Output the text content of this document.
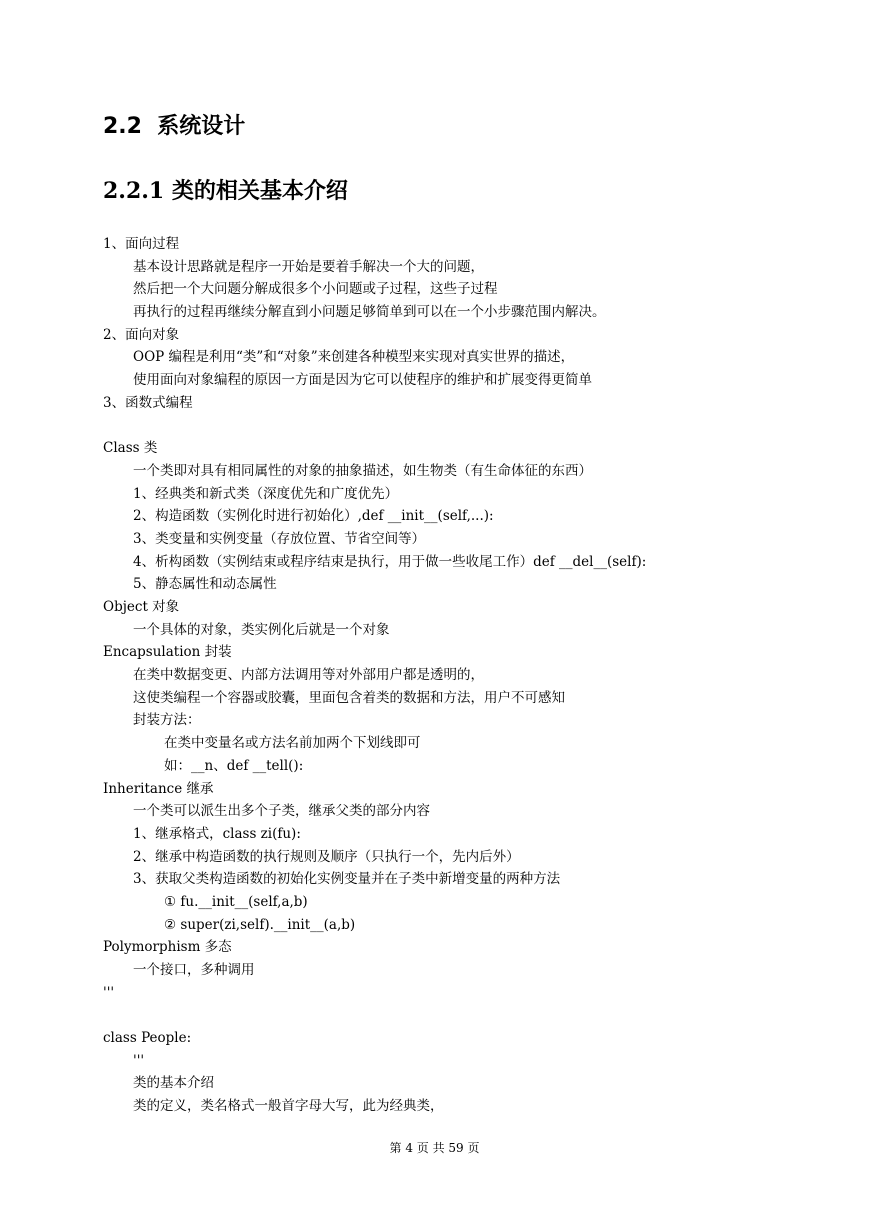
2.2  系统设计
2.2.1 类的相关基本介绍
1、面向过程
基本设计思路就是程序一开始是要着手解决一个大的问题，
然后把一个大问题分解成很多个小问题或子过程，这些子过程
再执行的过程再继续分解直到小问题足够简单到可以在一个小步骤范围内解决。
2、面向对象
OOP 编程是利用“类”和“对象”来创建各种模型来实现对真实世界的描述，
使用面向对象编程的原因一方面是因为它可以使程序的维护和扩展变得更简单
3、函数式编程
Class 类
一个类即对具有相同属性的对象的抽象描述，如生物类（有生命体征的东西）
1、经典类和新式类（深度优先和广度优先）
2、构造函数（实例化时进行初始化）,def __init__(self,...):
3、类变量和实例变量（存放位置、节省空间等）
4、析构函数（实例结束或程序结束是执行，用于做一些收尾工作）def __del__(self):
5、静态属性和动态属性
Object 对象
一个具体的对象，类实例化后就是一个对象
Encapsulation 封装
在类中数据变更、内部方法调用等对外部用户都是透明的，
这使类编程一个容器或胶囊，里面包含着类的数据和方法，用户不可感知
封装方法：
在类中变量名或方法名前加两个下划线即可
如：__n、def __tell():
Inheritance 继承
一个类可以派生出多个子类，继承父类的部分内容
1、继承格式，class zi(fu):
2、继承中构造函数的执行规则及顺序（只执行一个，先内后外）
3、获取父类构造函数的初始化实例变量并在子类中新增变量的两种方法
① fu.__init__(self,a,b)
② super(zi,self).__init__(a,b)
Polymorphism 多态
一个接口，多种调用
'''
class People:
'''
类的基本介绍
类的定义，类名格式一般首字母大写，此为经典类，
第 4 页 共 59 页
